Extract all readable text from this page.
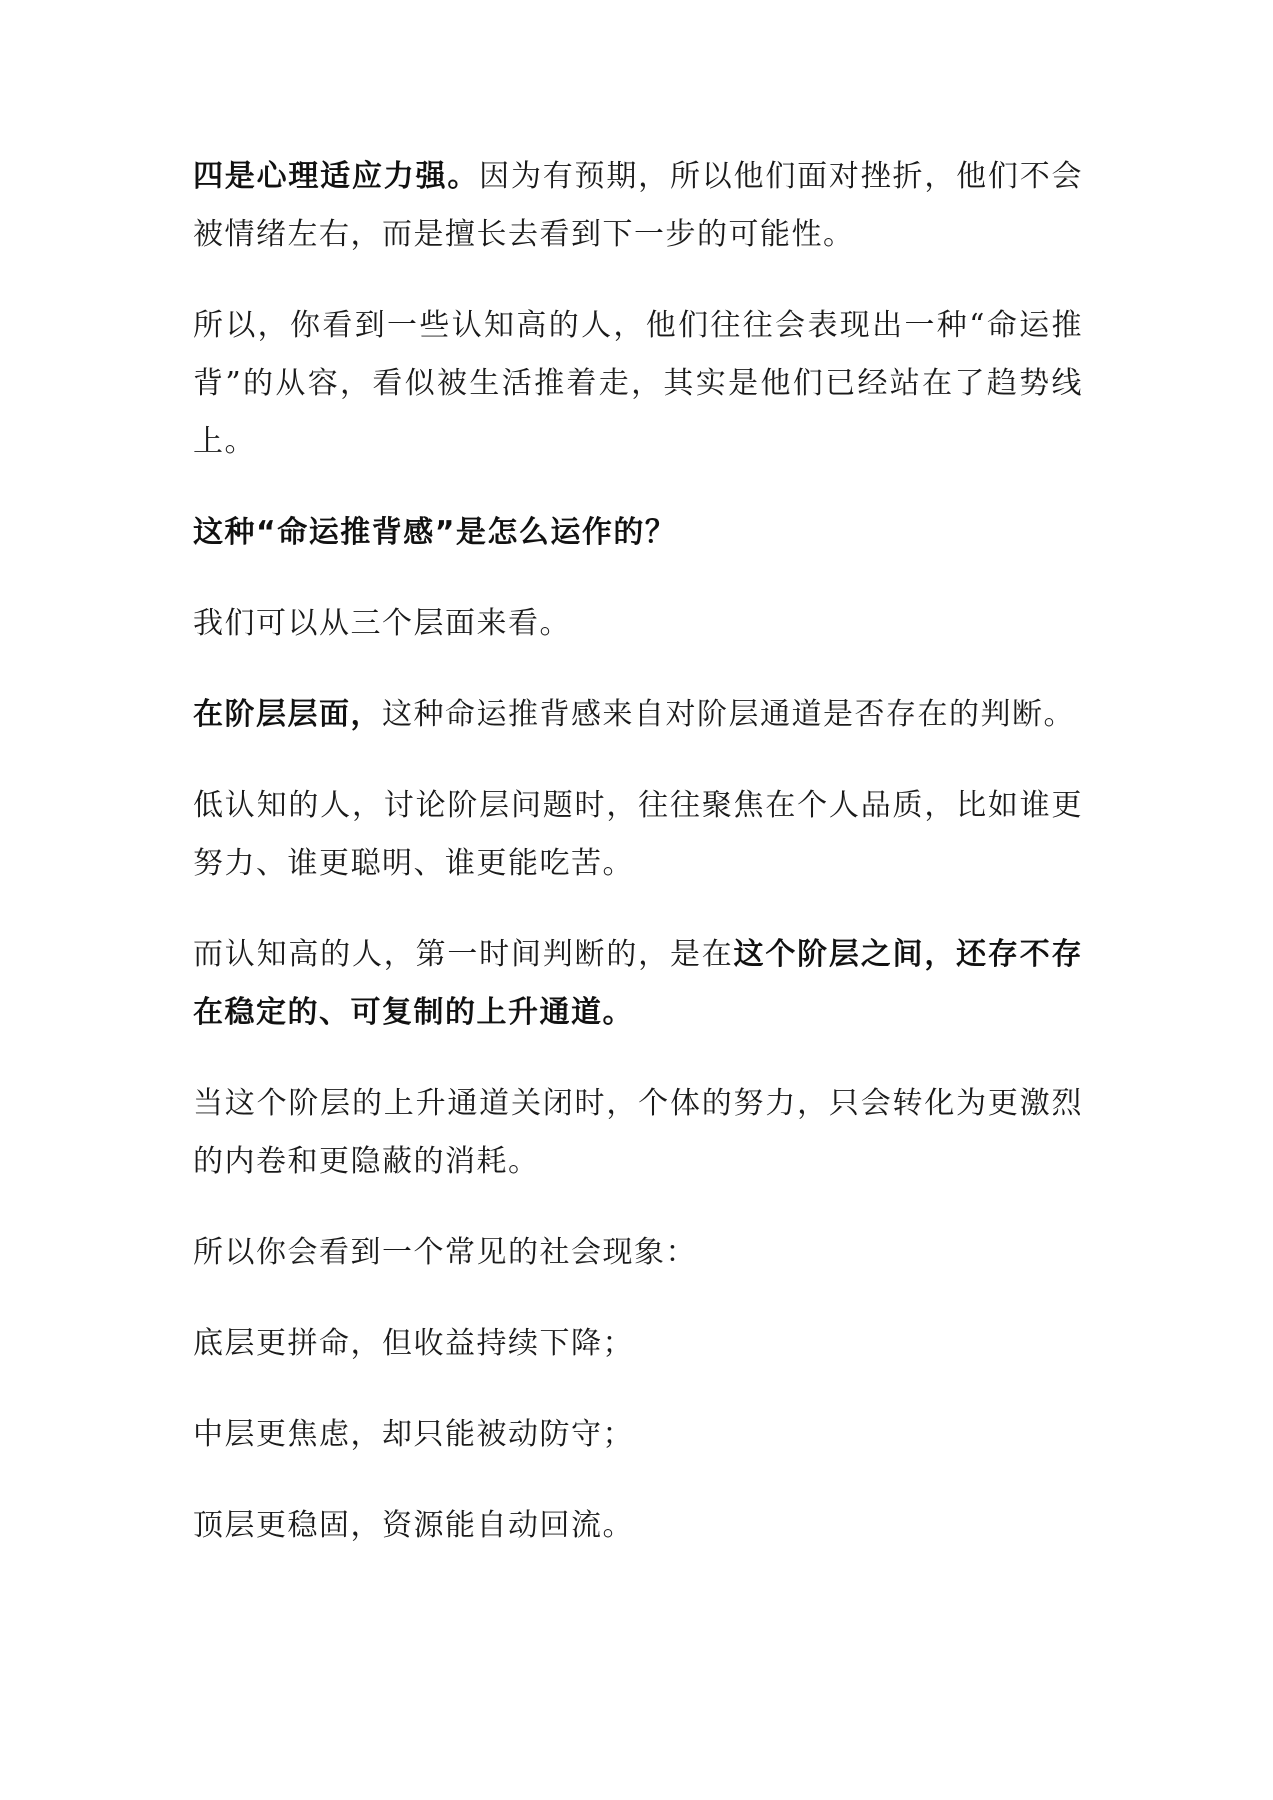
四是心理适应力强。因为有预期，所以他们面对挫折，他们不会被情绪左右，而是擅长去看到下一步的可能性。

所以，你看到一些认知高的人，他们往往会表现出一种“命运推背”的从容，看似被生活推着走，其实是他们已经站在了趋势线上。

这种“命运推背感”是怎么运作的？

我们可以从三个层面来看。

在阶层层面，这种命运推背感来自对阶层通道是否存在的判断。

低认知的人，讨论阶层问题时，往往聚焦在个人品质，比如谁更努力、谁更聪明、谁更能吃苦。

而认知高的人，第一时间判断的，是在这个阶层之间，还存不存在稳定的、可复制的上升通道。

当这个阶层的上升通道关闭时，个体的努力，只会转化为更激烈的内卷和更隐蔽的消耗。

所以你会看到一个常见的社会现象：

底层更拼命，但收益持续下降；

中层更焦虑，却只能被动防守；

顶层更稳固，资源能自动回流。
